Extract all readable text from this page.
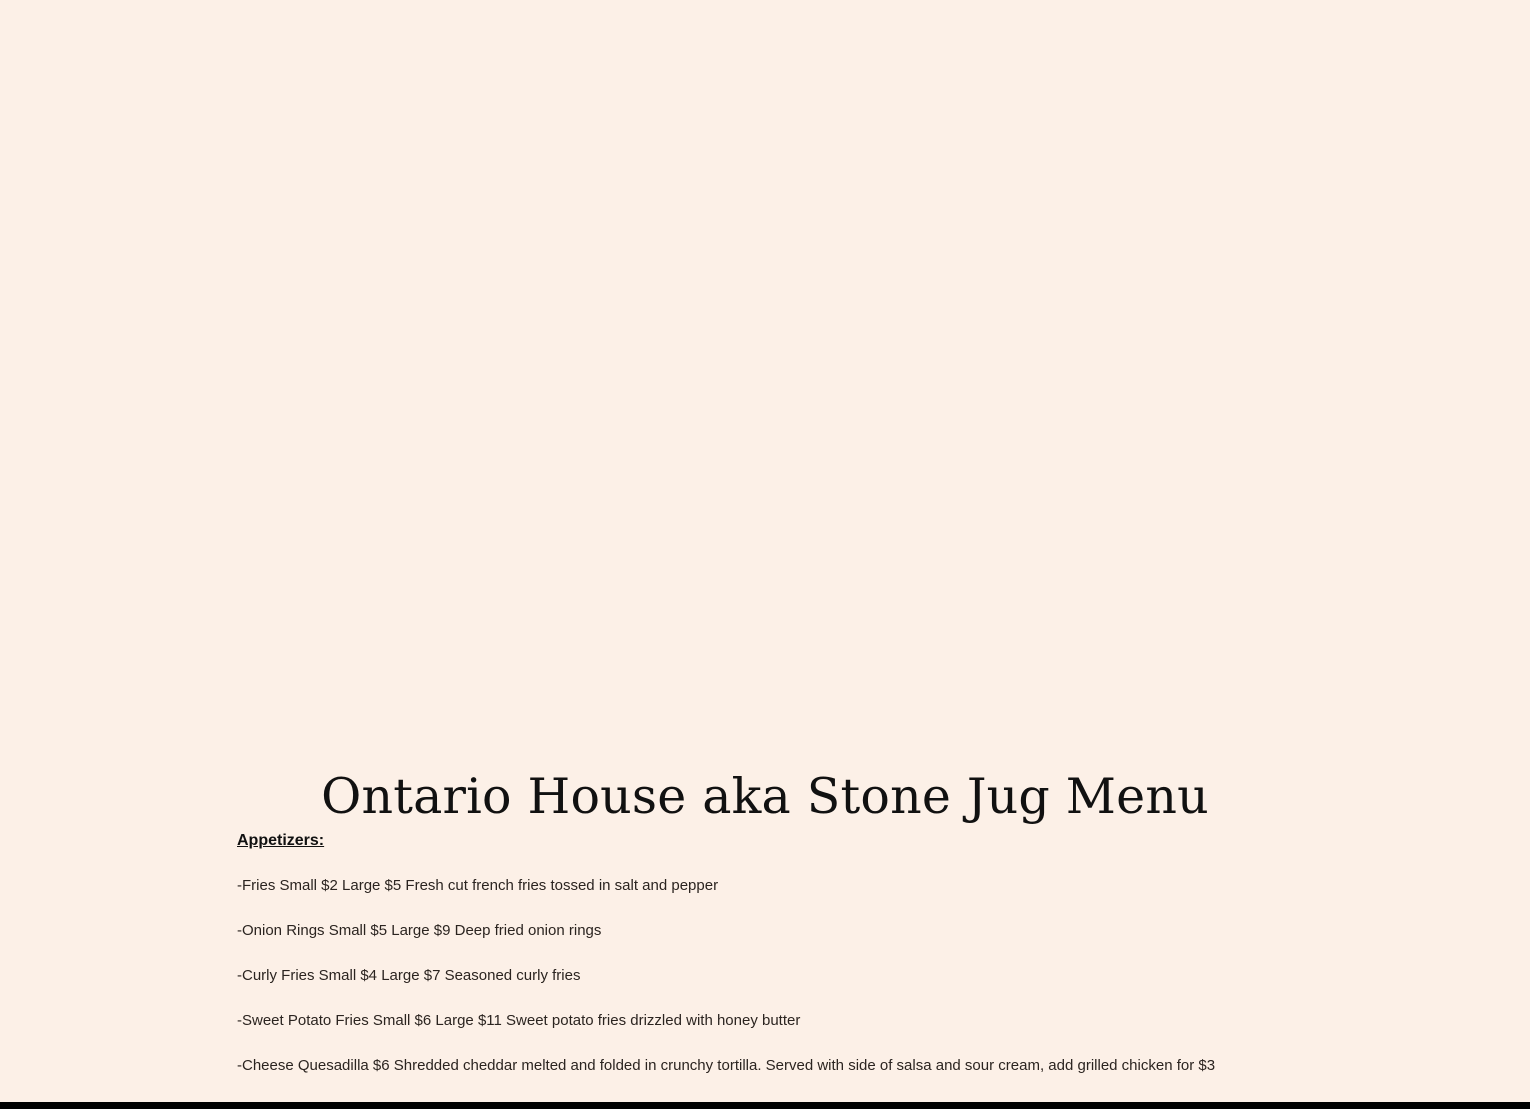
Ontario House aka Stone Jug Menu
Appetizers:
-Fries Small $2 Large $5 Fresh cut french fries tossed in salt and pepper
-Onion Rings Small $5 Large $9 Deep fried onion rings
-Curly Fries Small $4 Large $7 Seasoned curly fries
-Sweet Potato Fries Small $6 Large $11 Sweet potato fries drizzled with honey butter
-Cheese Quesadilla $6 Shredded cheddar melted and folded in crunchy tortilla. Served with side of salsa and sour cream, add grilled chicken for $3
